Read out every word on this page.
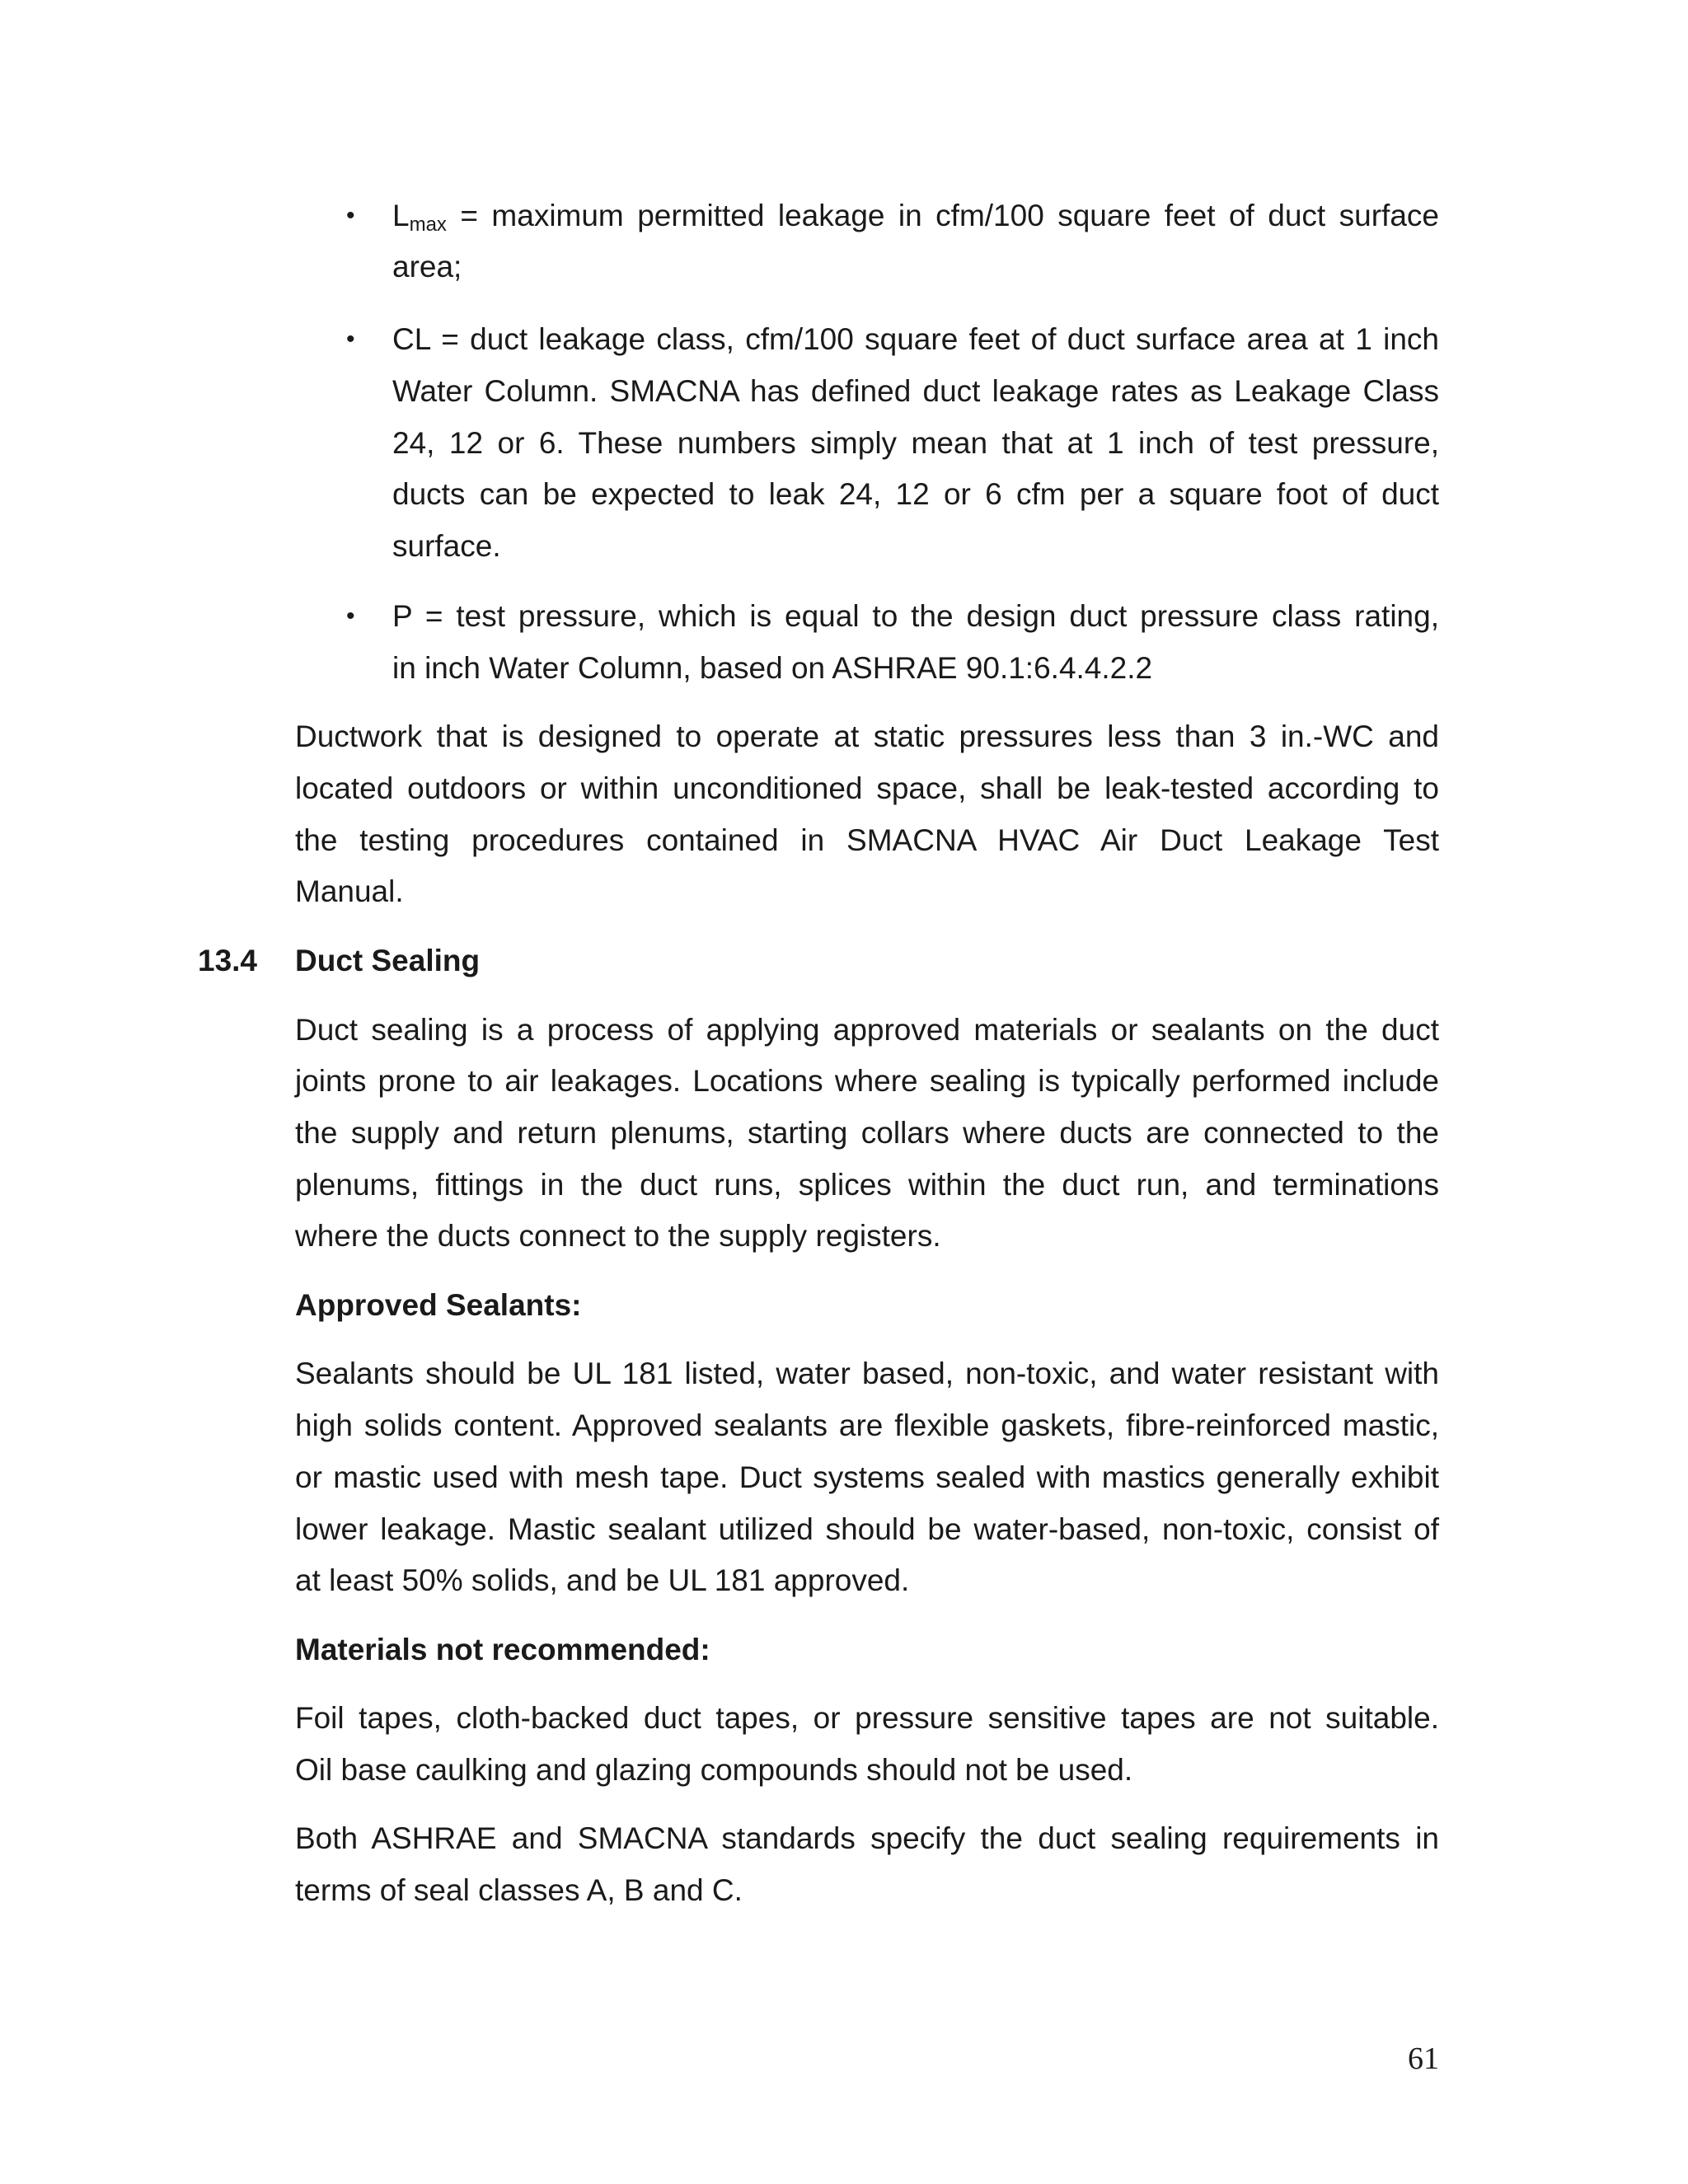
• Lmax = maximum permitted leakage in cfm/100 square feet of duct surface
area;
• CL = duct leakage class, cfm/100 square feet of duct surface area at 1 inch
Water Column. SMACNA has defined duct leakage rates as Leakage Class
24, 12 or 6. These numbers simply mean that at 1 inch of test pressure,
ducts can be expected to leak 24, 12 or 6 cfm per a square foot of duct
surface.
• P = test pressure, which is equal to the design duct pressure class rating,
in inch Water Column, based on ASHRAE 90.1:6.4.4.2.2
Ductwork that is designed to operate at static pressures less than 3 in.-WC and
located outdoors or within unconditioned space, shall be leak-tested according to
the testing procedures contained in SMACNA HVAC Air Duct Leakage Test
Manual.
13.4 Duct Sealing
Duct sealing is a process of applying approved materials or sealants on the duct
joints prone to air leakages. Locations where sealing is typically performed include
the supply and return plenums, starting collars where ducts are connected to the
plenums, fittings in the duct runs, splices within the duct run, and terminations
where the ducts connect to the supply registers.
Approved Sealants:
Sealants should be UL 181 listed, water based, non-toxic, and water resistant with
high solids content. Approved sealants are flexible gaskets, fibre-reinforced mastic,
or mastic used with mesh tape. Duct systems sealed with mastics generally exhibit
lower leakage. Mastic sealant utilized should be water-based, non-toxic, consist of
at least 50% solids, and be UL 181 approved.
Materials not recommended:
Foil tapes, cloth-backed duct tapes, or pressure sensitive tapes are not suitable.
Oil base caulking and glazing compounds should not be used.
Both ASHRAE and SMACNA standards specify the duct sealing requirements in
terms of seal classes A, B and C.
61
